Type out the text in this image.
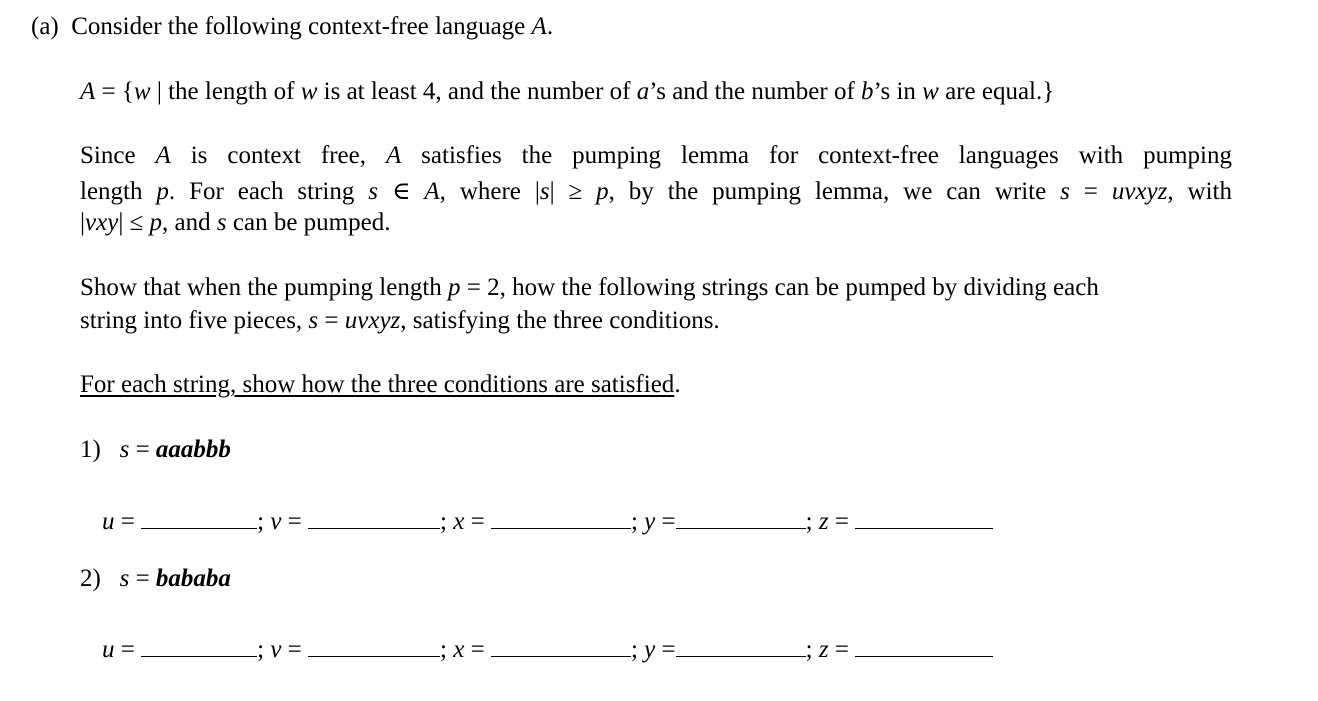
(a) Consider the following context-free language A.
A = {w | the length of w is at least 4, and the number of a’s and the number of b’s in w are equal.}
Since A is context free, A satisfies the pumping lemma for context-free languages with pumping
length p. For each string s ∈ A, where |s| ≥ p, by the pumping lemma, we can write s = uvxyz, with
|vxy| ≤ p, and s can be pumped.
Show that when the pumping length p = 2, how the following strings can be pumped by dividing each
string into five pieces, s = uvxyz, satisfying the three conditions.
For each string, show how the three conditions are satisfied.
1) s = aaabbb
u =	; v =	; x =	; y =	; z =
2) s = bababa
u =	; v =	; x =	; y =	; z =
